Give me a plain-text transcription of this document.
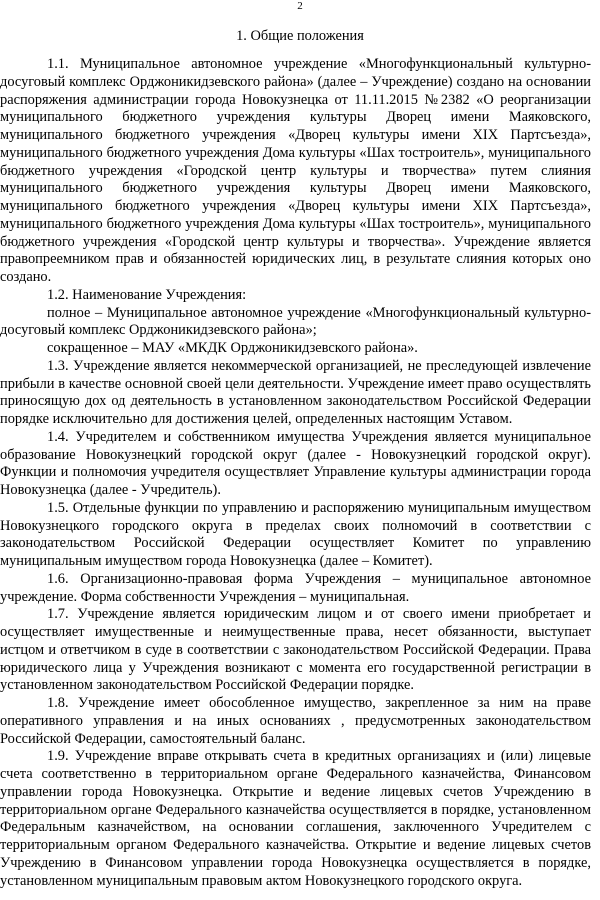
2
1. Общие положения

1.1. Муниципальное автономное учреждение «Многофункциональный культурно-досуговый комплекс Орджоникидзевского района» (далее – Учреждение) создано на основании распоряжения администрации города Новокузнецка от 11.11.2015 №2382 «О реорганизации муниципального бюджетного учреждения культуры Дворец имени Маяковского, муниципального бюджетного учреждения «Дворец культуры имени XIX Партсъезда», муниципального бюджетного учреждения Дома культуры «Шах тостроитель», муниципального бюджетного учреждения «Городской центр культуры и творчества» путем слияния муниципального бюджетного учреждения культуры Дворец имени Маяковского, муниципального бюджетного учреждения «Дворец культуры имени XIX Партсъезда», муниципального бюджетного учреждения Дома культуры «Шах тостроитель», муниципального бюджетного учреждения «Городской центр культуры и творчества». Учреждение является правопреемником прав и обязанностей юридических лиц, в результате слияния которых оно создано.

1.2. Наименование Учреждения:

полное – Муниципальное автономное учреждение «Многофункциональный культурно-досуговый комплекс Орджоникидзевского района»;

сокращенное – МАУ «МКДК Орджоникидзевского района».

1.3. Учреждение является некоммерческой организацией, не преследующей извлечение прибыли в качестве основной своей цели деятельности. Учреждение имеет право осуществлять приносящую дох од деятельность в установленном законодательством Российской Федерации порядке исключительно для достижения целей, определенных настоящим Уставом.

1.4. Учредителем и собственником имущества Учреждения является муниципальное образование Новокузнецкий городской округ (далее - Новокузнецкий городской округ). Функции и полномочия учредителя осуществляет Управление культуры администрации города Новокузнецка (далее - Учредитель).

1.5. Отдельные функции по управлению и распоряжению муниципальным имуществом Новокузнецкого городского округа в пределах своих полномочий в соответствии с законодательством Российской Федерации осуществляет Комитет по управлению муниципальным имуществом города Новокузнецка (далее – Комитет).

1.6. Организационно-правовая форма Учреждения – муниципальное автономное учреждение. Форма собственности Учреждения – муниципальная.

1.7. Учреждение является юридическим лицом и от своего имени приобретает и осуществляет имущественные и неимущественные права, несет обязанности, выступает истцом и ответчиком в суде в соответствии с законодательством Российской Федерации. Права юридического лица у Учреждения возникают с момента его государственной регистрации в установленном законодательством Российской Федерации порядке.

1.8. Учреждение имеет обособленное имущество, закрепленное за ним на праве оперативного управления и на иных основаниях , предусмотренных законодательством Российской Федерации, самостоятельный баланс.

1.9. Учреждение вправе открывать счета в кредитных организациях и (или) лицевые счета соответственно в территориальном органе Федерального казначейства, Финансовом управлении города Новокузнецка. Открытие и ведение лицевых счетов Учреждению в территориальном органе Федерального казначейства осуществляется в порядке, установленном Федеральным казначейством, на основании соглашения, заключенного Учредителем с территориальным органом Федерального казначейства. Открытие и ведение лицевых счетов Учреждению в Финансовом управлении города Новокузнецка осуществляется в порядке, установленном муниципальным правовым актом Новокузнецкого городского округа.
